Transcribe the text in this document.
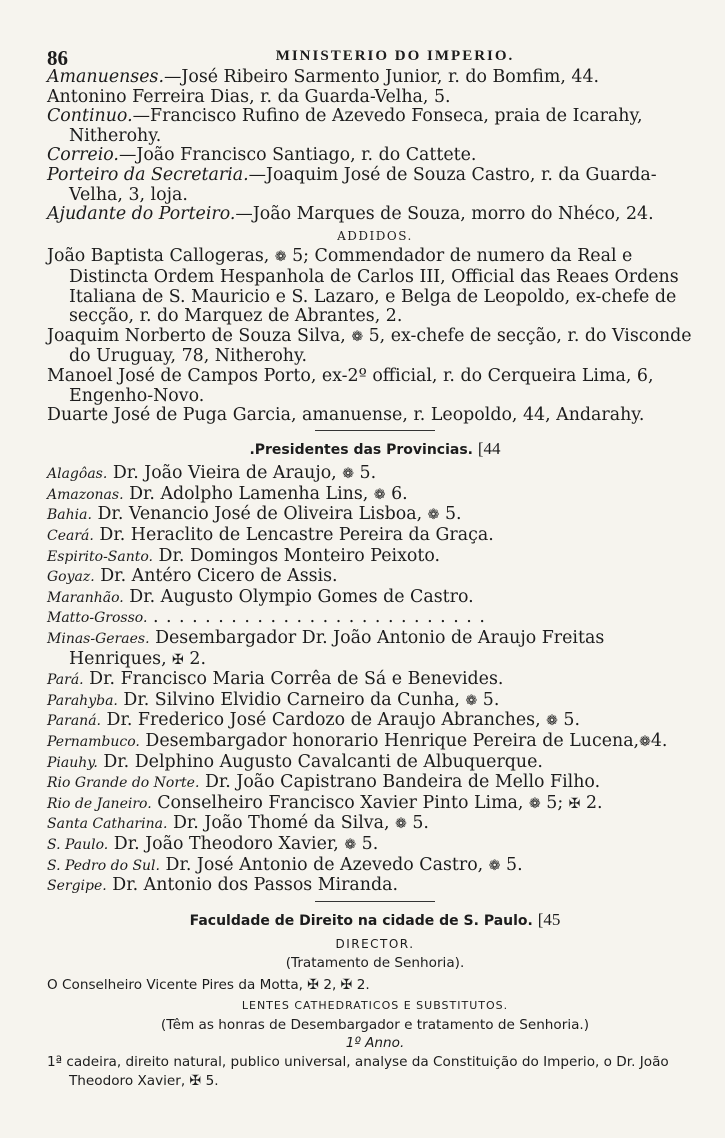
86	MINISTERIO DO IMPERIO.

Amanuenses.—José Ribeiro Sarmento Junior, r. do Bomfim, 44.

Antonino Ferreira Dias, r. da Guarda-Velha, 5.

Continuo.—Francisco Rufino de Azevedo Fonseca, praia de Icarahy, Nitherohy.

Correio.—João Francisco Santiago, r. do Cattete.

Porteiro da Secretaria.—Joaquim José de Souza Castro, r. da Guarda-Velha, 3, loja.

Ajudante do Porteiro.—João Marques de Souza, morro do Nhéco, 24.

ADDIDOS.

João Baptista Callogeras, ❁ 5; Commendador de numero da Real e Distincta Ordem Hespanhola de Carlos III, Official das Reaes Ordens Italiana de S. Mauricio e S. Lazaro, e Belga de Leopoldo, ex-chefe de secção, r. do Marquez de Abrantes, 2.

Joaquim Norberto de Souza Silva, ❁ 5, ex-chefe de secção, r. do Visconde do Uruguay, 78, Nitherohy.

Manoel José de Campos Porto, ex-2º official, r. do Cerqueira Lima, 6, Engenho-Novo.

Duarte José de Puga Garcia, amanuense, r. Leopoldo, 44, Andarahy.

.Presidentes das Provincias. [44

Alagôas. Dr. João Vieira de Araujo, ❁ 5.

Amazonas. Dr. Adolpho Lamenha Lins, ❁ 6.

Bahia. Dr. Venancio José de Oliveira Lisboa, ❁ 5.

Ceará. Dr. Heraclito de Lencastre Pereira da Graça.

Espirito-Santo. Dr. Domingos Monteiro Peixoto.

Goyaz. Dr. Antéro Cicero de Assis.

Maranhão. Dr. Augusto Olympio Gomes de Castro.

Matto-Grosso. . . . . . . . . . . . . . . . . . . . . . . . . . .

Minas-Geraes. Desembargador Dr. João Antonio de Araujo Freitas Henriques, ✠ 2.

Pará. Dr. Francisco Maria Corrêa de Sá e Benevides.

Parahyba. Dr. Silvino Elvidio Carneiro da Cunha, ❁ 5.

Paraná. Dr. Frederico José Cardozo de Araujo Abranches, ❁ 5.

Pernambuco. Desembargador honorario Henrique Pereira de Lucena,❁4.

Piauhy. Dr. Delphino Augusto Cavalcanti de Albuquerque.

Rio Grande do Norte. Dr. João Capistrano Bandeira de Mello Filho.

Rio de Janeiro. Conselheiro Francisco Xavier Pinto Lima, ❁ 5; ✠ 2.

Santa Catharina. Dr. João Thomé da Silva, ❁ 5.

S. Paulo. Dr. João Theodoro Xavier, ❁ 5.

S. Pedro do Sul. Dr. José Antonio de Azevedo Castro, ❁ 5.

Sergipe. Dr. Antonio dos Passos Miranda.

Faculdade de Direito na cidade de S. Paulo. [45
DIRECTOR.
(Tratamento de Senhoria).
O Conselheiro Vicente Pires da Motta, ✠ 2, ✠ 2.
LENTES CATHEDRATICOS E SUBSTITUTOS.
(Têm as honras de Desembargador e tratamento de Senhoria.)
1º Anno.
1ª cadeira, direito natural, publico universal, analyse da Constituição do Imperio, o Dr. João Theodoro Xavier, ✠ 5.
